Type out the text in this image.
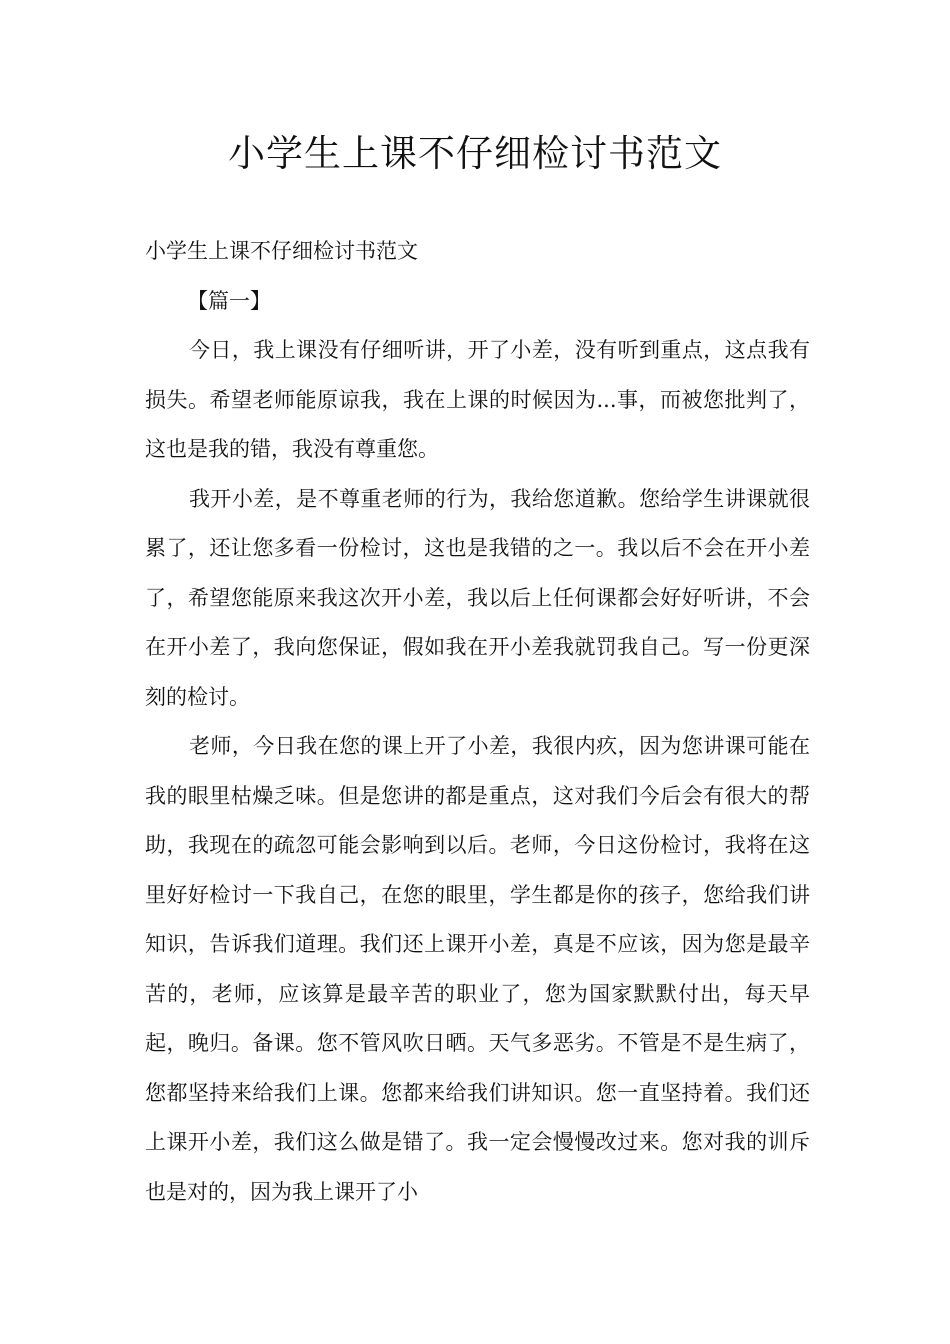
小学生上课不仔细检讨书范文

小学生上课不仔细检讨书范文

【篇一】

今日，我上课没有仔细听讲，开了小差，没有听到重点，这点我有损失。希望老师能原谅我，我在上课的时候因为...事，而被您批判了，这也是我的错，我没有尊重您。

我开小差，是不尊重老师的行为，我给您道歉。您给学生讲课就很累了，还让您多看一份检讨，这也是我错的之一。我以后不会在开小差了，希望您能原来我这次开小差，我以后上任何课都会好好听讲，不会在开小差了，我向您保证，假如我在开小差我就罚我自己。写一份更深刻的检讨。

老师，今日我在您的课上开了小差，我很内疚，因为您讲课可能在我的眼里枯燥乏味。但是您讲的都是重点，这对我们今后会有很大的帮助，我现在的疏忽可能会影响到以后。老师，今日这份检讨，我将在这里好好检讨一下我自己，在您的眼里，学生都是你的孩子，您给我们讲知识，告诉我们道理。我们还上课开小差，真是不应该，因为您是最辛苦的，老师，应该算是最辛苦的职业了，您为国家默默付出，每天早起，晚归。备课。您不管风吹日晒。天气多恶劣。不管是不是生病了，您都坚持来给我们上课。您都来给我们讲知识。您一直坚持着。我们还上课开小差，我们这么做是错了。我一定会慢慢改过来。您对我的训斥也是对的，因为我上课开了小
